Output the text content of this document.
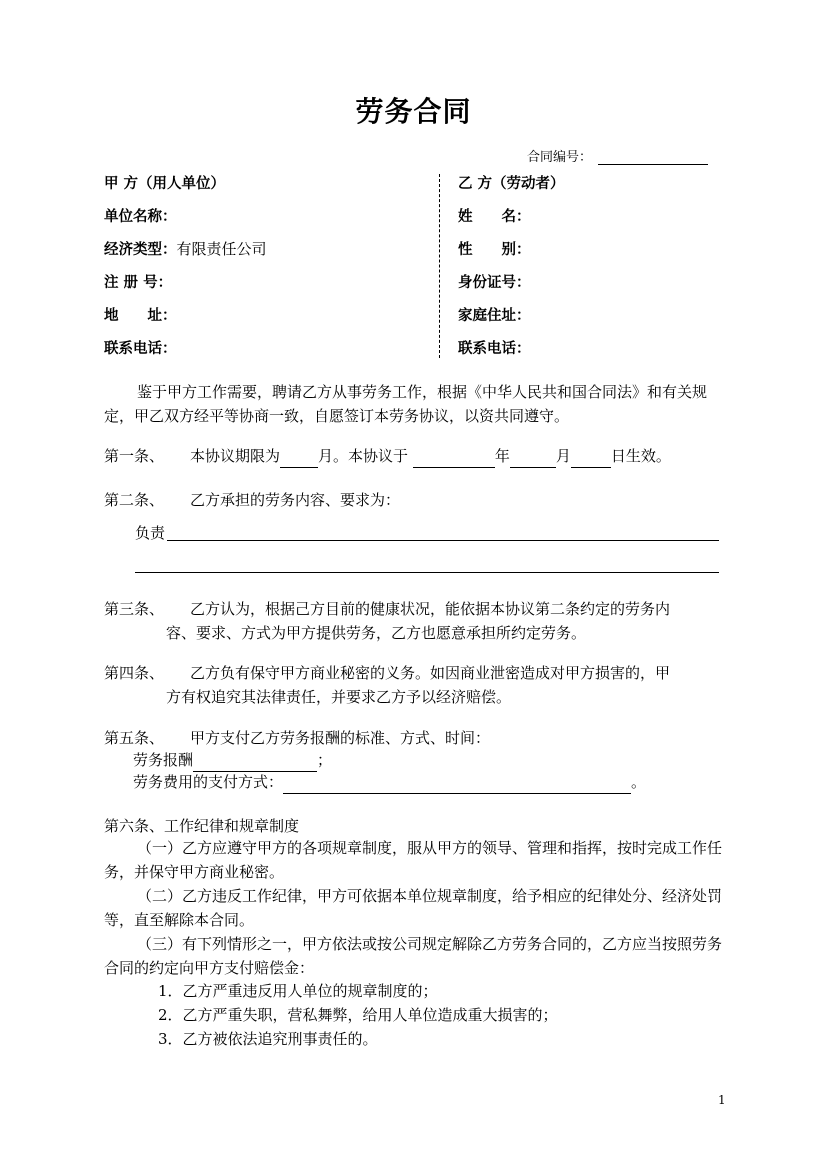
劳务合同
合同编号：
甲 方（用人单位）
单位名称：
经济类型：有限责任公司
注 册 号：
地　　址：
联系电话：
乙 方（劳动者）
姓　　名：
性　　别：
身份证号：
家庭住址：
联系电话：
鉴于甲方工作需要，聘请乙方从事劳务工作，根据《中华人民共和国合同法》和有关规定，甲乙双方经平等协商一致，自愿签订本劳务协议，以资共同遵守。
第一条、 本协议期限为	月。本协议于	年	月	日生效。
第二条、 乙方承担的劳务内容、要求为：
负责
第三条、 乙方认为，根据己方目前的健康状况，能依据本协议第二条约定的劳务内
容、要求、方式为甲方提供劳务，乙方也愿意承担所约定劳务。
第四条、 乙方负有保守甲方商业秘密的义务。如因商业泄密造成对甲方损害的，甲
方有权追究其法律责任，并要求乙方予以经济赔偿。
第五条、 甲方支付乙方劳务报酬的标准、方式、时间：
劳务报酬	；
劳务费用的支付方式：	。
第六条、工作纪律和规章制度
（一）乙方应遵守甲方的各项规章制度，服从甲方的领导、管理和指挥，按时完成工作任务，并保守甲方商业秘密。
（二）乙方违反工作纪律，甲方可依据本单位规章制度，给予相应的纪律处分、经济处罚等，直至解除本合同。
（三）有下列情形之一，甲方依法或按公司规定解除乙方劳务合同的，乙方应当按照劳务合同的约定向甲方支付赔偿金：
1．乙方严重违反用人单位的规章制度的；
2．乙方严重失职，营私舞弊，给用人单位造成重大损害的；
3．乙方被依法追究刑事责任的。
1
